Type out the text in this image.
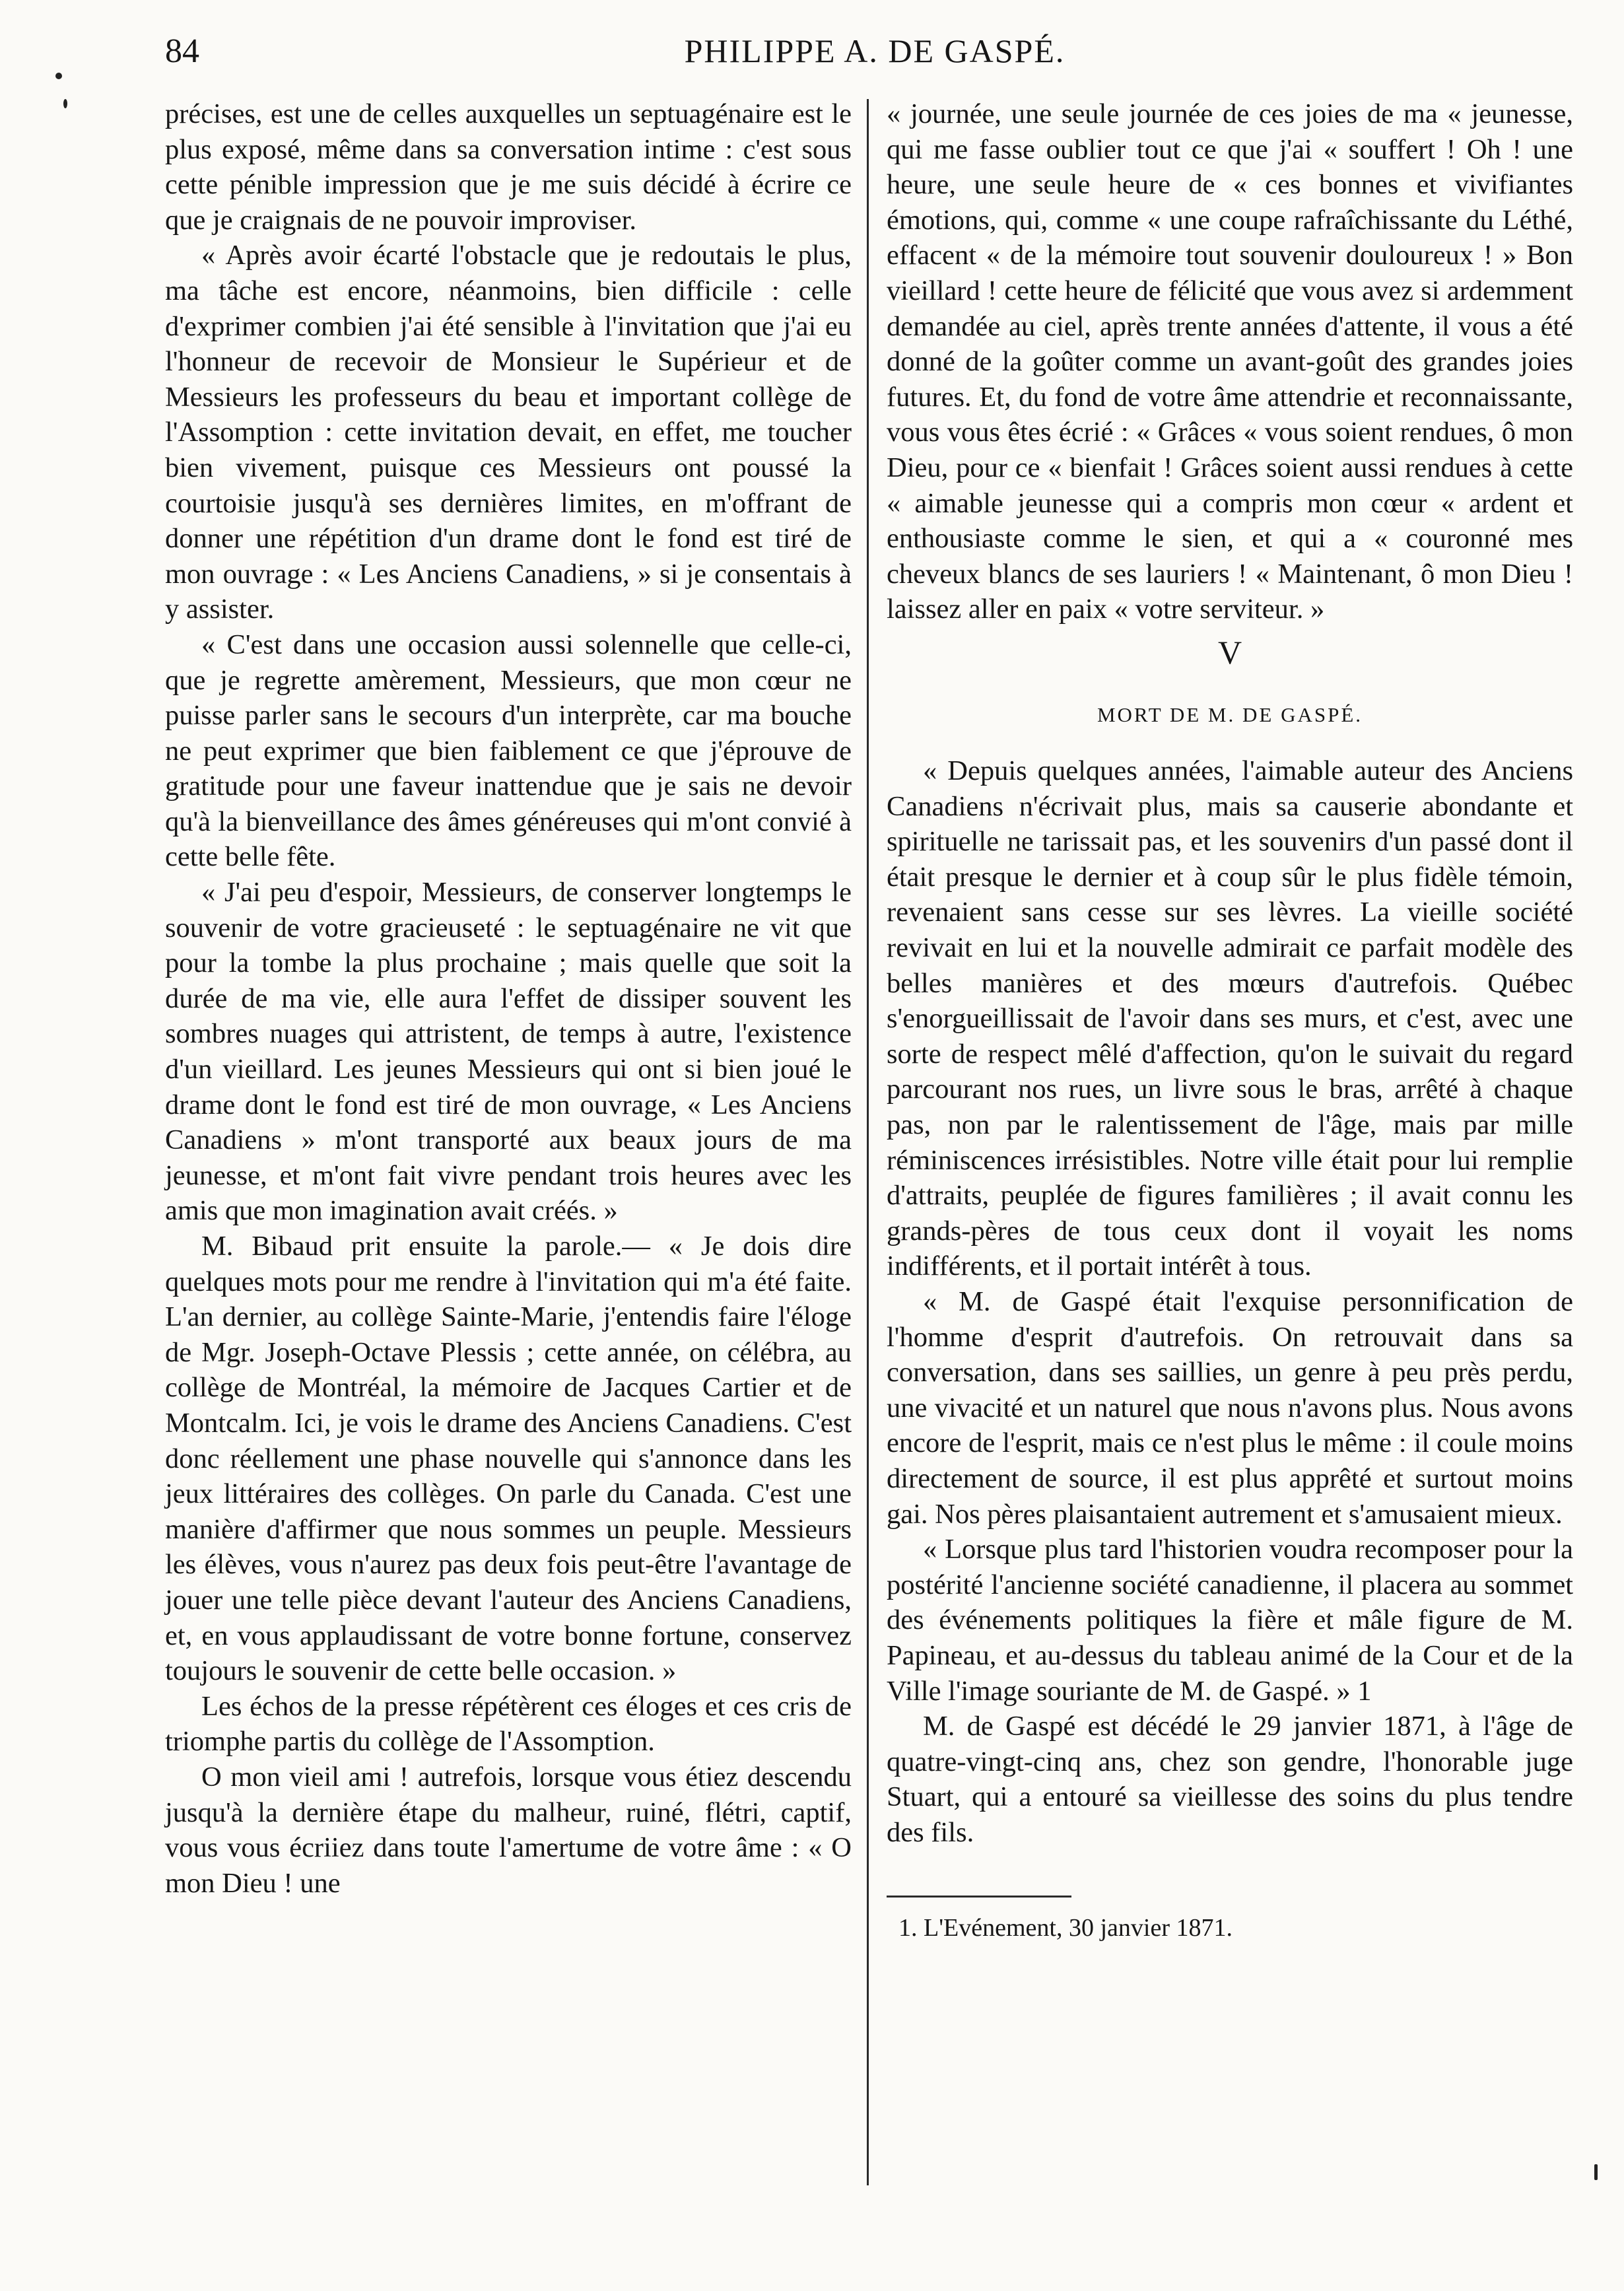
84	PHILIPPE A. DE GASPÉ.

précises, est une de celles auxquelles un septuagénaire est le plus exposé, même dans sa conversation intime : c'est sous cette pénible impression que je me suis décidé à écrire ce que je craignais de ne pouvoir improviser.

« Après avoir écarté l'obstacle que je redoutais le plus, ma tâche est encore, néanmoins, bien difficile : celle d'exprimer combien j'ai été sensible à l'invitation que j'ai eu l'honneur de recevoir de Monsieur le Supérieur et de Messieurs les professeurs du beau et important collège de l'Assomption : cette invitation devait, en effet, me toucher bien vivement, puisque ces Messieurs ont poussé la courtoisie jusqu'à ses dernières limites, en m'offrant de donner une répétition d'un drame dont le fond est tiré de mon ouvrage : « Les Anciens Canadiens, » si je consentais à y assister.

« C'est dans une occasion aussi solennelle que celle-ci, que je regrette amèrement, Messieurs, que mon cœur ne puisse parler sans le secours d'un interprète, car ma bouche ne peut exprimer que bien faiblement ce que j'éprouve de gratitude pour une faveur inattendue que je sais ne devoir qu'à la bienveillance des âmes généreuses qui m'ont convié à cette belle fête.

« J'ai peu d'espoir, Messieurs, de conserver longtemps le souvenir de votre gracieuseté : le septuagénaire ne vit que pour la tombe la plus prochaine ; mais quelle que soit la durée de ma vie, elle aura l'effet de dissiper souvent les sombres nuages qui attristent, de temps à autre, l'existence d'un vieillard. Les jeunes Messieurs qui ont si bien joué le drame dont le fond est tiré de mon ouvrage, « Les Anciens Canadiens » m'ont transporté aux beaux jours de ma jeunesse, et m'ont fait vivre pendant trois heures avec les amis que mon imagination avait créés. »

M. Bibaud prit ensuite la parole.— « Je dois dire quelques mots pour me rendre à l'invitation qui m'a été faite. L'an dernier, au collège Sainte-Marie, j'entendis faire l'éloge de Mgr. Joseph-Octave Plessis ; cette année, on célébra, au collège de Montréal, la mémoire de Jacques Cartier et de Montcalm. Ici, je vois le drame des Anciens Canadiens. C'est donc réellement une phase nouvelle qui s'annonce dans les jeux littéraires des collèges. On parle du Canada. C'est une manière d'affirmer que nous sommes un peuple. Messieurs les élèves, vous n'aurez pas deux fois peut-être l'avantage de jouer une telle pièce devant l'auteur des Anciens Canadiens, et, en vous applaudissant de votre bonne fortune, conservez toujours le souvenir de cette belle occasion. »

Les échos de la presse répétèrent ces éloges et ces cris de triomphe partis du collège de l'Assomption.

O mon vieil ami ! autrefois, lorsque vous étiez descendu jusqu'à la dernière étape du malheur, ruiné, flétri, captif, vous vous écriiez dans toute l'amertume de votre âme : « O mon Dieu ! une

« journée, une seule journée de ces joies de ma « jeunesse, qui me fasse oublier tout ce que j'ai « souffert ! Oh ! une heure, une seule heure de « ces bonnes et vivifiantes émotions, qui, comme « une coupe rafraîchissante du Léthé, effacent « de la mémoire tout souvenir douloureux ! » Bon vieillard ! cette heure de félicité que vous avez si ardemment demandée au ciel, après trente années d'attente, il vous a été donné de la goûter comme un avant-goût des grandes joies futures. Et, du fond de votre âme attendrie et reconnaissante, vous vous êtes écrié : « Grâces « vous soient rendues, ô mon Dieu, pour ce « bienfait ! Grâces soient aussi rendues à cette « aimable jeunesse qui a compris mon cœur « ardent et enthousiaste comme le sien, et qui a « couronné mes cheveux blancs de ses lauriers ! « Maintenant, ô mon Dieu ! laissez aller en paix « votre serviteur. »

V
MORT DE M. DE GASPÉ.

« Depuis quelques années, l'aimable auteur des Anciens Canadiens n'écrivait plus, mais sa causerie abondante et spirituelle ne tarissait pas, et les souvenirs d'un passé dont il était presque le dernier et à coup sûr le plus fidèle témoin, revenaient sans cesse sur ses lèvres. La vieille société revivait en lui et la nouvelle admirait ce parfait modèle des belles manières et des mœurs d'autrefois. Québec s'enorgueillissait de l'avoir dans ses murs, et c'est, avec une sorte de respect mêlé d'affection, qu'on le suivait du regard parcourant nos rues, un livre sous le bras, arrêté à chaque pas, non par le ralentissement de l'âge, mais par mille réminiscences irrésistibles. Notre ville était pour lui remplie d'attraits, peuplée de figures familières ; il avait connu les grands-pères de tous ceux dont il voyait les noms indifférents, et il portait intérêt à tous.

« M. de Gaspé était l'exquise personnification de l'homme d'esprit d'autrefois. On retrouvait dans sa conversation, dans ses saillies, un genre à peu près perdu, une vivacité et un naturel que nous n'avons plus. Nous avons encore de l'esprit, mais ce n'est plus le même : il coule moins directement de source, il est plus apprêté et surtout moins gai. Nos pères plaisantaient autrement et s'amusaient mieux.

« Lorsque plus tard l'historien voudra recomposer pour la postérité l'ancienne société canadienne, il placera au sommet des événements politiques la fière et mâle figure de M. Papineau, et au-dessus du tableau animé de la Cour et de la Ville l'image souriante de M. de Gaspé. » 1

M. de Gaspé est décédé le 29 janvier 1871, à l'âge de quatre-vingt-cinq ans, chez son gendre, l'honorable juge Stuart, qui a entouré sa vieillesse des soins du plus tendre des fils.

1. L'Evénement, 30 janvier 1871.
